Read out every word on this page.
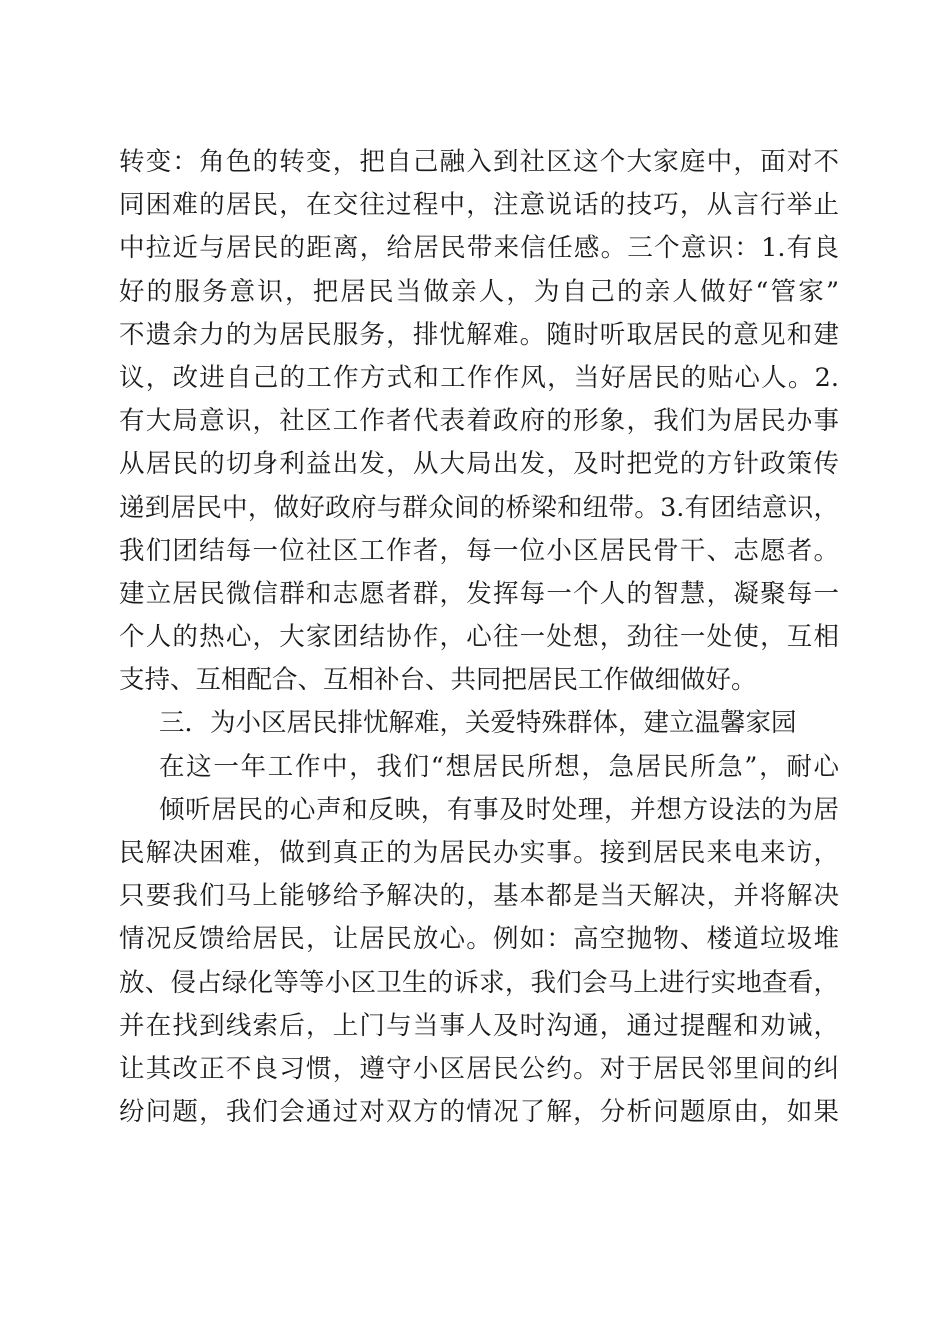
转变：角色的转变，把自己融入到社区这个大家庭中，面对不
同困难的居民，在交往过程中，注意说话的技巧，从言行举止
中拉近与居民的距离，给居民带来信任感。三个意识：1.有良
好的服务意识，把居民当做亲人，为自己的亲人做好“管家”
不遗余力的为居民服务，排忧解难。随时听取居民的意见和建
议，改进自己的工作方式和工作作风，当好居民的贴心人。2.
有大局意识，社区工作者代表着政府的形象，我们为居民办事
从居民的切身利益出发，从大局出发，及时把党的方针政策传
递到居民中，做好政府与群众间的桥梁和纽带。3.有团结意识，
我们团结每一位社区工作者，每一位小区居民骨干、志愿者。
建立居民微信群和志愿者群，发挥每一个人的智慧，凝聚每一
个人的热心，大家团结协作，心往一处想，劲往一处使，互相
支持、互相配合、互相补台、共同把居民工作做细做好。
三．为小区居民排忧解难，关爱特殊群体，建立温馨家园
在这一年工作中，我们“想居民所想，急居民所急”，耐心
倾听居民的心声和反映，有事及时处理，并想方设法的为居
民解决困难，做到真正的为居民办实事。接到居民来电来访，
只要我们马上能够给予解决的，基本都是当天解决，并将解决
情况反馈给居民，让居民放心。例如：高空抛物、楼道垃圾堆
放、侵占绿化等等小区卫生的诉求，我们会马上进行实地查看，
并在找到线索后，上门与当事人及时沟通，通过提醒和劝诫，
让其改正不良习惯，遵守小区居民公约。对于居民邻里间的纠
纷问题，我们会通过对双方的情况了解，分析问题原由，如果
